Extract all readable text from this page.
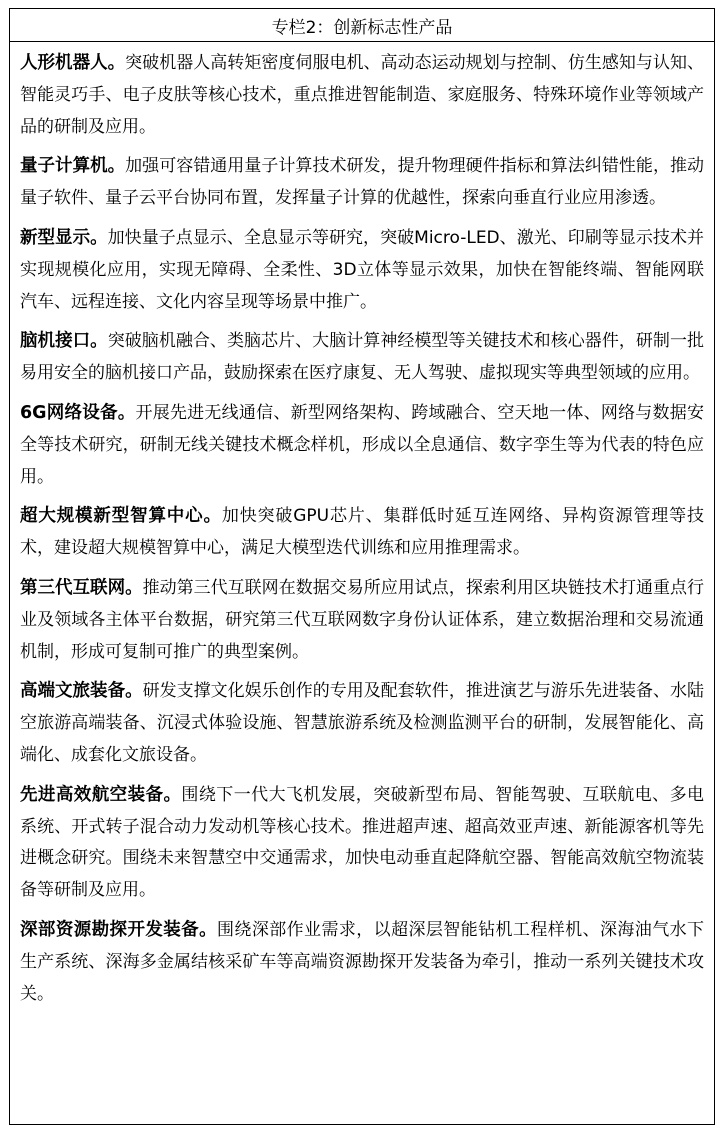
专栏2：创新标志性产品

人形机器人。突破机器人高转矩密度伺服电机、高动态运动规划与控制、仿生感知与认知、智能灵巧手、电子皮肤等核心技术，重点推进智能制造、家庭服务、特殊环境作业等领域产品的研制及应用。

量子计算机。加强可容错通用量子计算技术研发，提升物理硬件指标和算法纠错性能，推动量子软件、量子云平台协同布置，发挥量子计算的优越性，探索向垂直行业应用渗透。

新型显示。加快量子点显示、全息显示等研究，突破Micro-LED、激光、印刷等显示技术并实现规模化应用，实现无障碍、全柔性、3D立体等显示效果，加快在智能终端、智能网联汽车、远程连接、文化内容呈现等场景中推广。

脑机接口。突破脑机融合、类脑芯片、大脑计算神经模型等关键技术和核心器件，研制一批易用安全的脑机接口产品，鼓励探索在医疗康复、无人驾驶、虚拟现实等典型领域的应用。

6G网络设备。开展先进无线通信、新型网络架构、跨域融合、空天地一体、网络与数据安全等技术研究，研制无线关键技术概念样机，形成以全息通信、数字孪生等为代表的特色应用。

超大规模新型智算中心。加快突破GPU芯片、集群低时延互连网络、异构资源管理等技术，建设超大规模智算中心，满足大模型迭代训练和应用推理需求。

第三代互联网。推动第三代互联网在数据交易所应用试点，探索利用区块链技术打通重点行业及领域各主体平台数据，研究第三代互联网数字身份认证体系，建立数据治理和交易流通机制，形成可复制可推广的典型案例。

高端文旅装备。研发支撑文化娱乐创作的专用及配套软件，推进演艺与游乐先进装备、水陆空旅游高端装备、沉浸式体验设施、智慧旅游系统及检测监测平台的研制，发展智能化、高端化、成套化文旅设备。

先进高效航空装备。围绕下一代大飞机发展，突破新型布局、智能驾驶、互联航电、多电系统、开式转子混合动力发动机等核心技术。推进超声速、超高效亚声速、新能源客机等先进概念研究。围绕未来智慧空中交通需求，加快电动垂直起降航空器、智能高效航空物流装备等研制及应用。

深部资源勘探开发装备。围绕深部作业需求，以超深层智能钻机工程样机、深海油气水下生产系统、深海多金属结核采矿车等高端资源勘探开发装备为牵引，推动一系列关键技术攻关。
